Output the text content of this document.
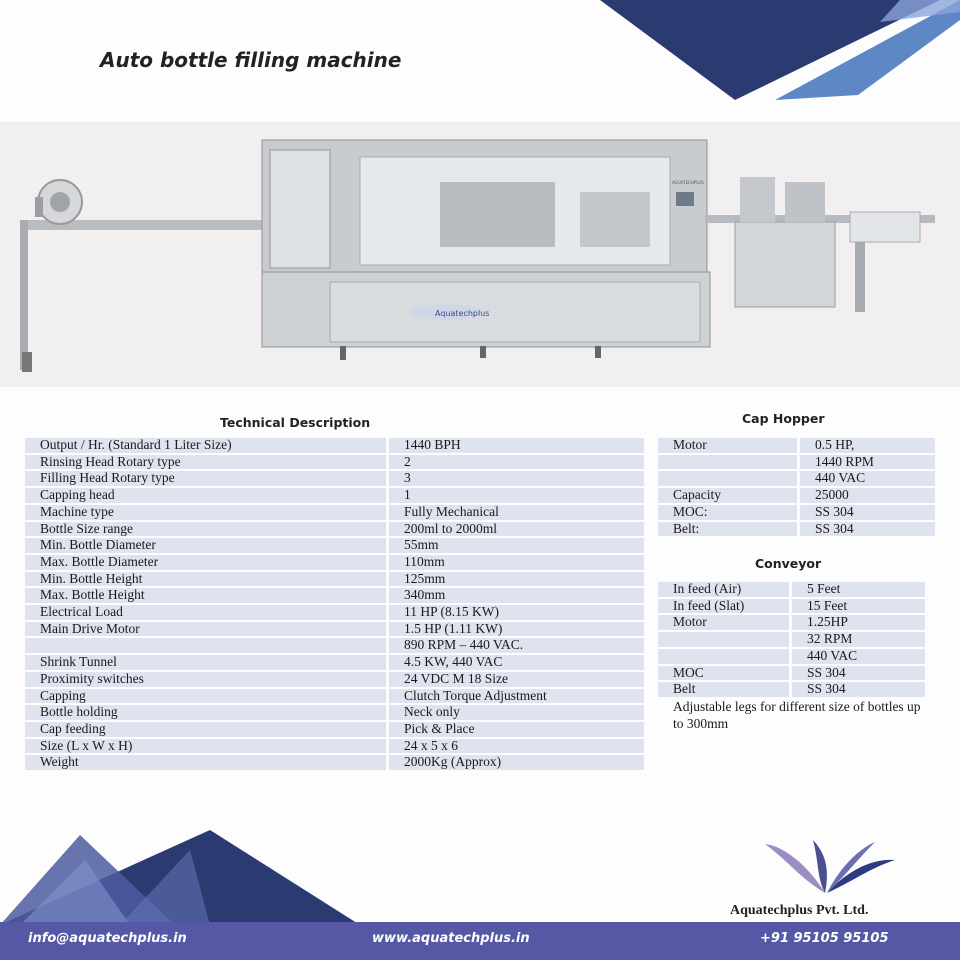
Auto bottle filling machine
Aquatechplus
AQUATECHPLUS
Technical Description
Output / Hr. (Standard 1 Liter Size)	1440 BPH
Rinsing Head Rotary type	2
Filling Head Rotary type	3
Capping head	1
Machine type	Fully Mechanical
Bottle Size range	200ml to 2000ml
Min. Bottle Diameter	55mm
Max. Bottle Diameter	110mm
Min. Bottle Height	125mm
Max. Bottle Height	340mm
Electrical Load	11 HP (8.15 KW)
Main Drive Motor	1.5 HP (1.11 KW)
	890 RPM – 440 VAC.
Shrink Tunnel	4.5 KW, 440 VAC
Proximity switches	24 VDC M 18 Size
Capping	Clutch Torque Adjustment
Bottle holding	Neck only
Cap feeding	Pick & Place
Size (L x W x H)	24 x 5 x 6
Weight	2000Kg (Approx)
Cap Hopper
Motor	0.5 HP,
	1440 RPM
	440 VAC
Capacity	25000
MOC:	SS 304
Belt:	SS 304
Conveyor
In feed (Air)	5 Feet
In feed (Slat)	15 Feet
Motor	1.25HP
	32 RPM
	440 VAC
MOC	SS 304
Belt	SS 304
Adjustable legs for different size of bottles up to 300mm
Aquatechplus Pvt. Ltd.
info@aquatechplus.in	www.aquatechplus.in	+91 95105 95105
